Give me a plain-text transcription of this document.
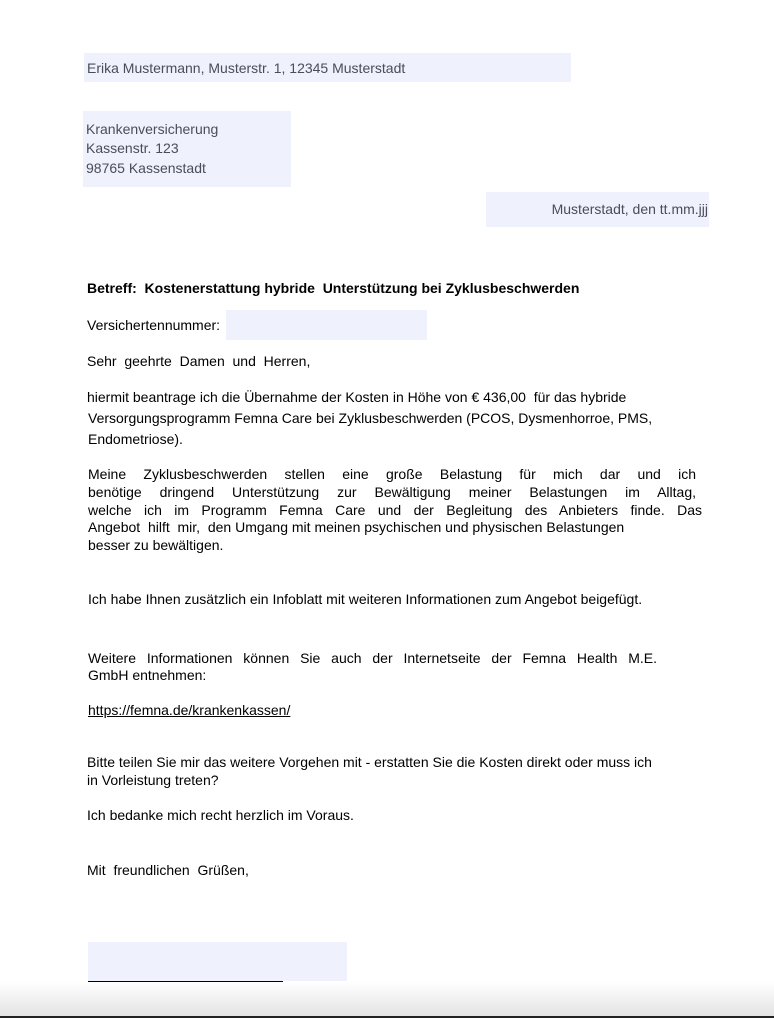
Erika Mustermann, Musterstr. 1, 12345 Musterstadt
Krankenversicherung
Kassenstr. 123
98765 Kassenstadt
Musterstadt, den tt.mm.jjj
Betreff:  Kostenerstattung hybride  Unterstützung bei Zyklusbeschwerden
Versichertennummer:
Sehr  geehrte  Damen  und  Herren,
hiermit beantrage ich die Übernahme der Kosten in Höhe von € 436,00  für das hybride
Versorgungsprogramm Femna Care bei Zyklusbeschwerden (PCOS, Dysmenhorroe, PMS,
Endometriose).
Meine Zyklusbeschwerden stellen eine große Belastung für mich dar und ich
benötige dringend Unterstützung zur Bewältigung meiner Belastungen im Alltag,
welche ich im Programm Femna Care und der Begleitung des Anbieters finde. Das
Angebot  hilft  mir,  den Umgang mit meinen psychischen und physischen Belastungen
besser zu bewältigen.
Ich habe Ihnen zusätzlich ein Infoblatt mit weiteren Informationen zum Angebot beigefügt.
Weitere Informationen können Sie auch der Internetseite der Femna Health M.E.
GmbH entnehmen:
https://femna.de/krankenkassen/
Bitte teilen Sie mir das weitere Vorgehen mit - erstatten Sie die Kosten direkt oder muss ich
in Vorleistung treten?
Ich bedanke mich recht herzlich im Voraus.
Mit  freundlichen  Grüßen,
